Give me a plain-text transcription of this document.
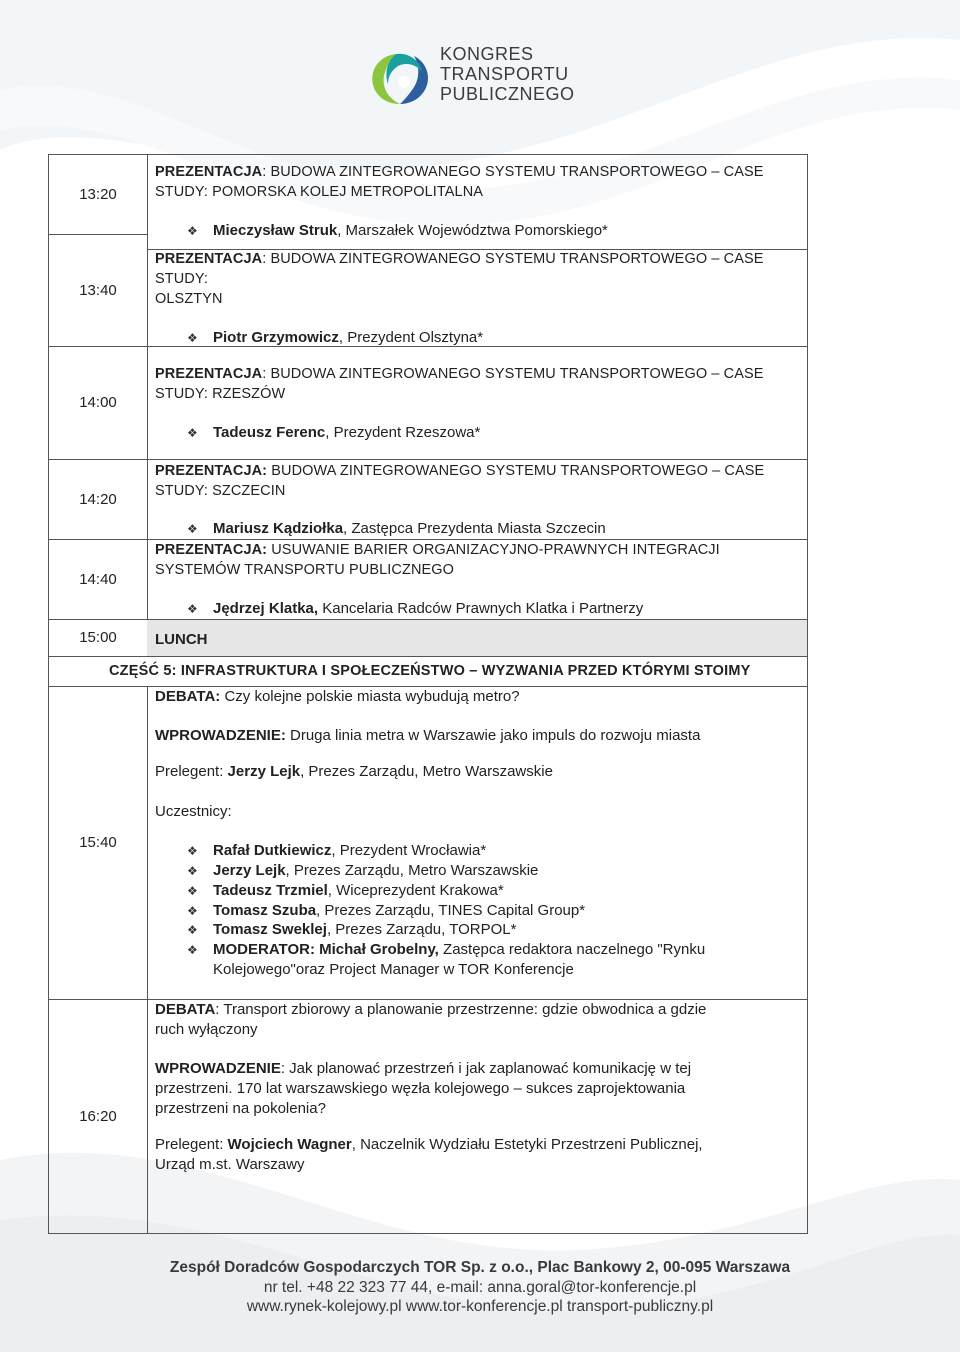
KONGRES
TRANSPORTU
PUBLICZNEGO
13:20
PREZENTACJA: BUDOWA ZINTEGROWANEGO SYSTEMU TRANSPORTOWEGO – CASE
STUDY: POMORSKA KOLEJ METROPOLITALNA
❖ Mieczysław Struk, Marszałek Województwa Pomorskiego*
13:40
PREZENTACJA: BUDOWA ZINTEGROWANEGO SYSTEMU TRANSPORTOWEGO – CASE
STUDY:
OLSZTYN
❖ Piotr Grzymowicz, Prezydent Olsztyna*
14:00
PREZENTACJA: BUDOWA ZINTEGROWANEGO SYSTEMU TRANSPORTOWEGO – CASE
STUDY: RZESZÓW
❖ Tadeusz Ferenc, Prezydent Rzeszowa*
14:20
PREZENTACJA: BUDOWA ZINTEGROWANEGO SYSTEMU TRANSPORTOWEGO – CASE
STUDY: SZCZECIN
❖ Mariusz Kądziołka, Zastępca Prezydenta Miasta Szczecin
14:40
PREZENTACJA: USUWANIE BARIER ORGANIZACYJNO-PRAWNYCH INTEGRACJI
SYSTEMÓW TRANSPORTU PUBLICZNEGO
❖ Jędrzej Klatka, Kancelaria Radców Prawnych Klatka i Partnerzy
15:00	LUNCH
CZĘŚĆ 5: INFRASTRUKTURA I SPOŁECZEŃSTWO – WYZWANIA PRZED KTÓRYMI STOIMY
15:40
DEBATA: Czy kolejne polskie miasta wybudują metro?
WPROWADZENIE: Druga linia metra w Warszawie jako impuls do rozwoju miasta
Prelegent: Jerzy Lejk, Prezes Zarządu, Metro Warszawskie
Uczestnicy:
❖ Rafał Dutkiewicz, Prezydent Wrocławia*
❖ Jerzy Lejk, Prezes Zarządu, Metro Warszawskie
❖ Tadeusz Trzmiel, Wiceprezydent Krakowa*
❖ Tomasz Szuba, Prezes Zarządu, TINES Capital Group*
❖ Tomasz Sweklej, Prezes Zarządu, TORPOL*
❖ MODERATOR: Michał Grobelny, Zastępca redaktora naczelnego "Rynku
Kolejowego"oraz Project Manager w TOR Konferencje
16:20
DEBATA: Transport zbiorowy a planowanie przestrzenne: gdzie obwodnica a gdzie
ruch wyłączony
WPROWADZENIE: Jak planować przestrzeń i jak zaplanować komunikację w tej
przestrzeni. 170 lat warszawskiego węzła kolejowego – sukces zaprojektowania
przestrzeni na pokolenia?
Prelegent: Wojciech Wagner, Naczelnik Wydziału Estetyki Przestrzeni Publicznej,
Urząd m.st. Warszawy
Zespół Doradców Gospodarczych TOR Sp. z o.o., Plac Bankowy 2, 00-095 Warszawa
nr tel. +48 22 323 77 44, e-mail: anna.goral@tor-konferencje.pl
www.rynek-kolejowy.pl www.tor-konferencje.pl transport-publiczny.pl
